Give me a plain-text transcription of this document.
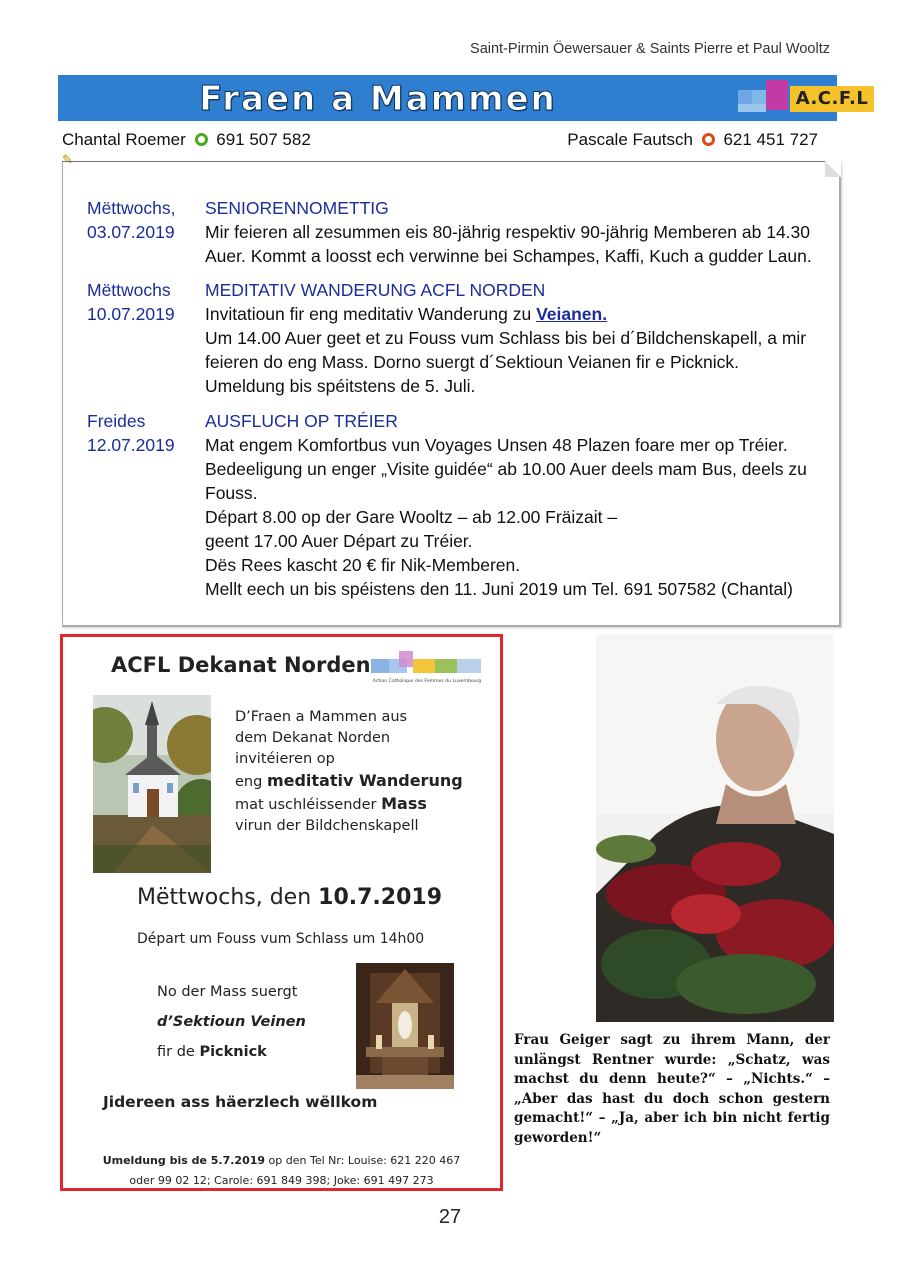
Saint-Pirmin Öewersauer & Saints Pierre et Paul Wooltz
Fraen a Mammen	A.C.F.L
Chantal Roemer 691 507 582	Pascale Fautsch 621 451 727
✎
Mëttwochs,
03.07.2019
SENIORENNOMETTIG
Mir feieren all zesummen eis 80-jährig respektiv 90-jährig Memberen ab 14.30
Auer. Kommt a loosst ech verwinne bei Schampes, Kaffi, Kuch a gudder Laun.
Mëttwochs
10.07.2019
MEDITATIV WANDERUNG ACFL NORDEN
Invitatioun fir eng meditativ Wanderung zu Veianen.
Um 14.00 Auer geet et zu Fouss vum Schlass bis bei d´Bildchenskapell, a mir
feieren do eng Mass. Dorno suergt d´Sektioun Veianen fir e Picknick.
Umeldung bis spéitstens de 5. Juli.
Freides
12.07.2019
AUSFLUCH OP TRÉIER
Mat engem Komfortbus vun Voyages Unsen 48 Plazen foare mer op Tréier.
Bedeeligung un enger „Visite guidée“ ab 10.00 Auer deels mam Bus, deels zu
Fouss.
Départ 8.00 op der Gare Wooltz – ab 12.00 Fräizait –
geent 17.00 Auer Départ zu Tréier.
Dës Rees kascht 20 € fir Nik-Memberen.
Mellt eech un bis spéistens den 11. Juni 2019 um Tel. 691 507582 (Chantal)
ACFL Dekanat Norden
Action Catholique des Femmes du Luxembourg
D’Fraen a Mammen aus
dem Dekanat Norden
invitéieren op
eng meditativ Wanderung
mat uschléissender Mass
virun der Bildchenskapell
Mëttwochs, den 10.7.2019
Départ um Fouss vum Schlass um 14h00
No der Mass suergt
d’Sektioun Veinen
fir de Picknick
Jidereen ass häerzlech wëllkom
Umeldung bis de 5.7.2019 op den Tel Nr: Louise: 621 220 467
oder 99 02 12; Carole: 691 849 398; Joke: 691 497 273
Frau Geiger sagt zu ihrem Mann, der unlängst Rentner wurde: „Schatz, was machst du denn heute?“ – „Nichts.“ – „Aber das hast du doch schon gestern gemacht!“ – „Ja, aber ich bin nicht fertig geworden!“
27
